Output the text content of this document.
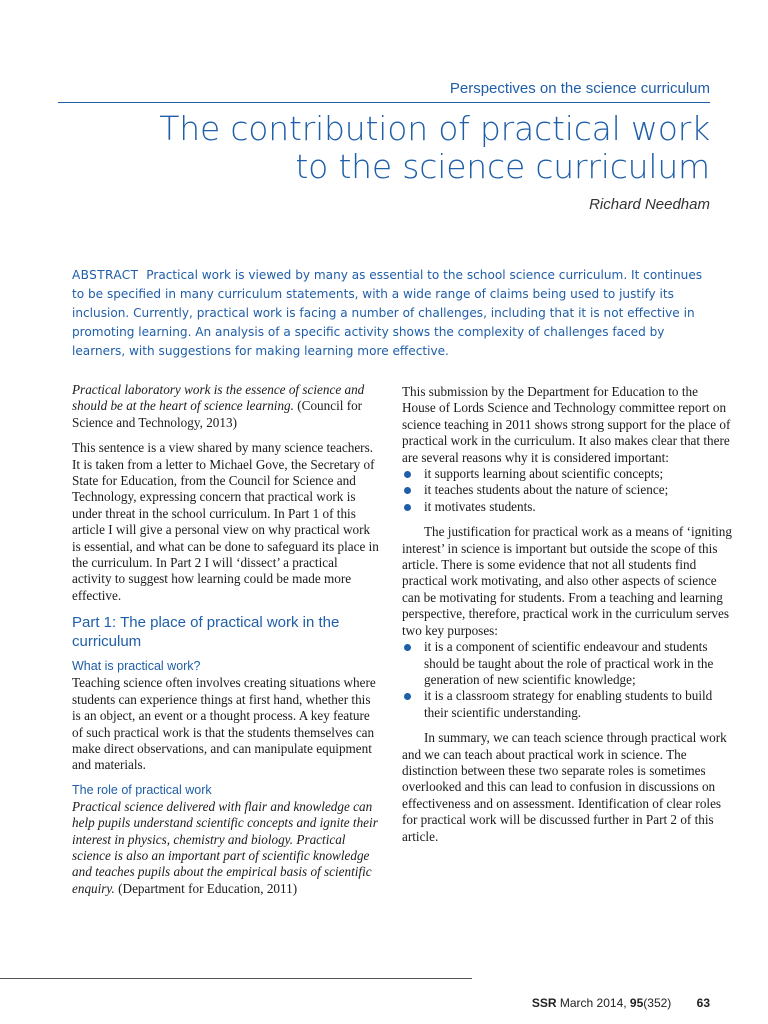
Perspectives on the science curriculum
The contribution of practical work
to the science curriculum
Richard Needham
ABSTRACT Practical work is viewed by many as essential to the school science curriculum. It continues to be specified in many curriculum statements, with a wide range of claims being used to justify its inclusion. Currently, practical work is facing a number of challenges, including that it is not effective in promoting learning. An analysis of a specific activity shows the complexity of challenges faced by learners, with suggestions for making learning more effective.

Practical laboratory work is the essence of science and should be at the heart of science learning. (Council for Science and Technology, 2013)

This sentence is a view shared by many science teachers. It is taken from a letter to Michael Gove, the Secretary of State for Education, from the Council for Science and Technology, expressing concern that practical work is under threat in the school curriculum. In Part 1 of this article I will give a personal view on why practical work is essential, and what can be done to safeguard its place in the curriculum. In Part 2 I will ‘dissect’ a practical activity to suggest how learning could be made more effective.

Part 1: The place of practical work in the curriculum
What is practical work?

Teaching science often involves creating situations where students can experience things at first hand, whether this is an object, an event or a thought process. A key feature of such practical work is that the students themselves can make direct observations, and can manipulate equipment and materials.

The role of practical work

Practical science delivered with flair and knowledge can help pupils understand scientific concepts and ignite their interest in physics, chemistry and biology. Practical science is also an important part of scientific knowledge and teaches pupils about the empirical basis of scientific enquiry. (Department for Education, 2011)

This submission by the Department for Education to the House of Lords Science and Technology committee report on science teaching in 2011 shows strong support for the place of practical work in the curriculum. It also makes clear that there are several reasons why it is considered important:

it supports learning about scientific concepts;
it teaches students about the nature of science;
it motivates students.

The justification for practical work as a means of ‘igniting interest’ in science is important but outside the scope of this article. There is some evidence that not all students find practical work motivating, and also other aspects of science can be motivating for students. From a teaching and learning perspective, therefore, practical work in the curriculum serves two key purposes:

it is a component of scientific endeavour and students should be taught about the role of practical work in the generation of new scientific knowledge;
it is a classroom strategy for enabling students to build their scientific understanding.

In summary, we can teach science through practical work and we can teach about practical work in science. The distinction between these two separate roles is sometimes overlooked and this can lead to confusion in discussions on effectiveness and on assessment. Identification of clear roles for practical work will be discussed further in Part 2 of this article.

SSR March 2014, 95(352) 63
